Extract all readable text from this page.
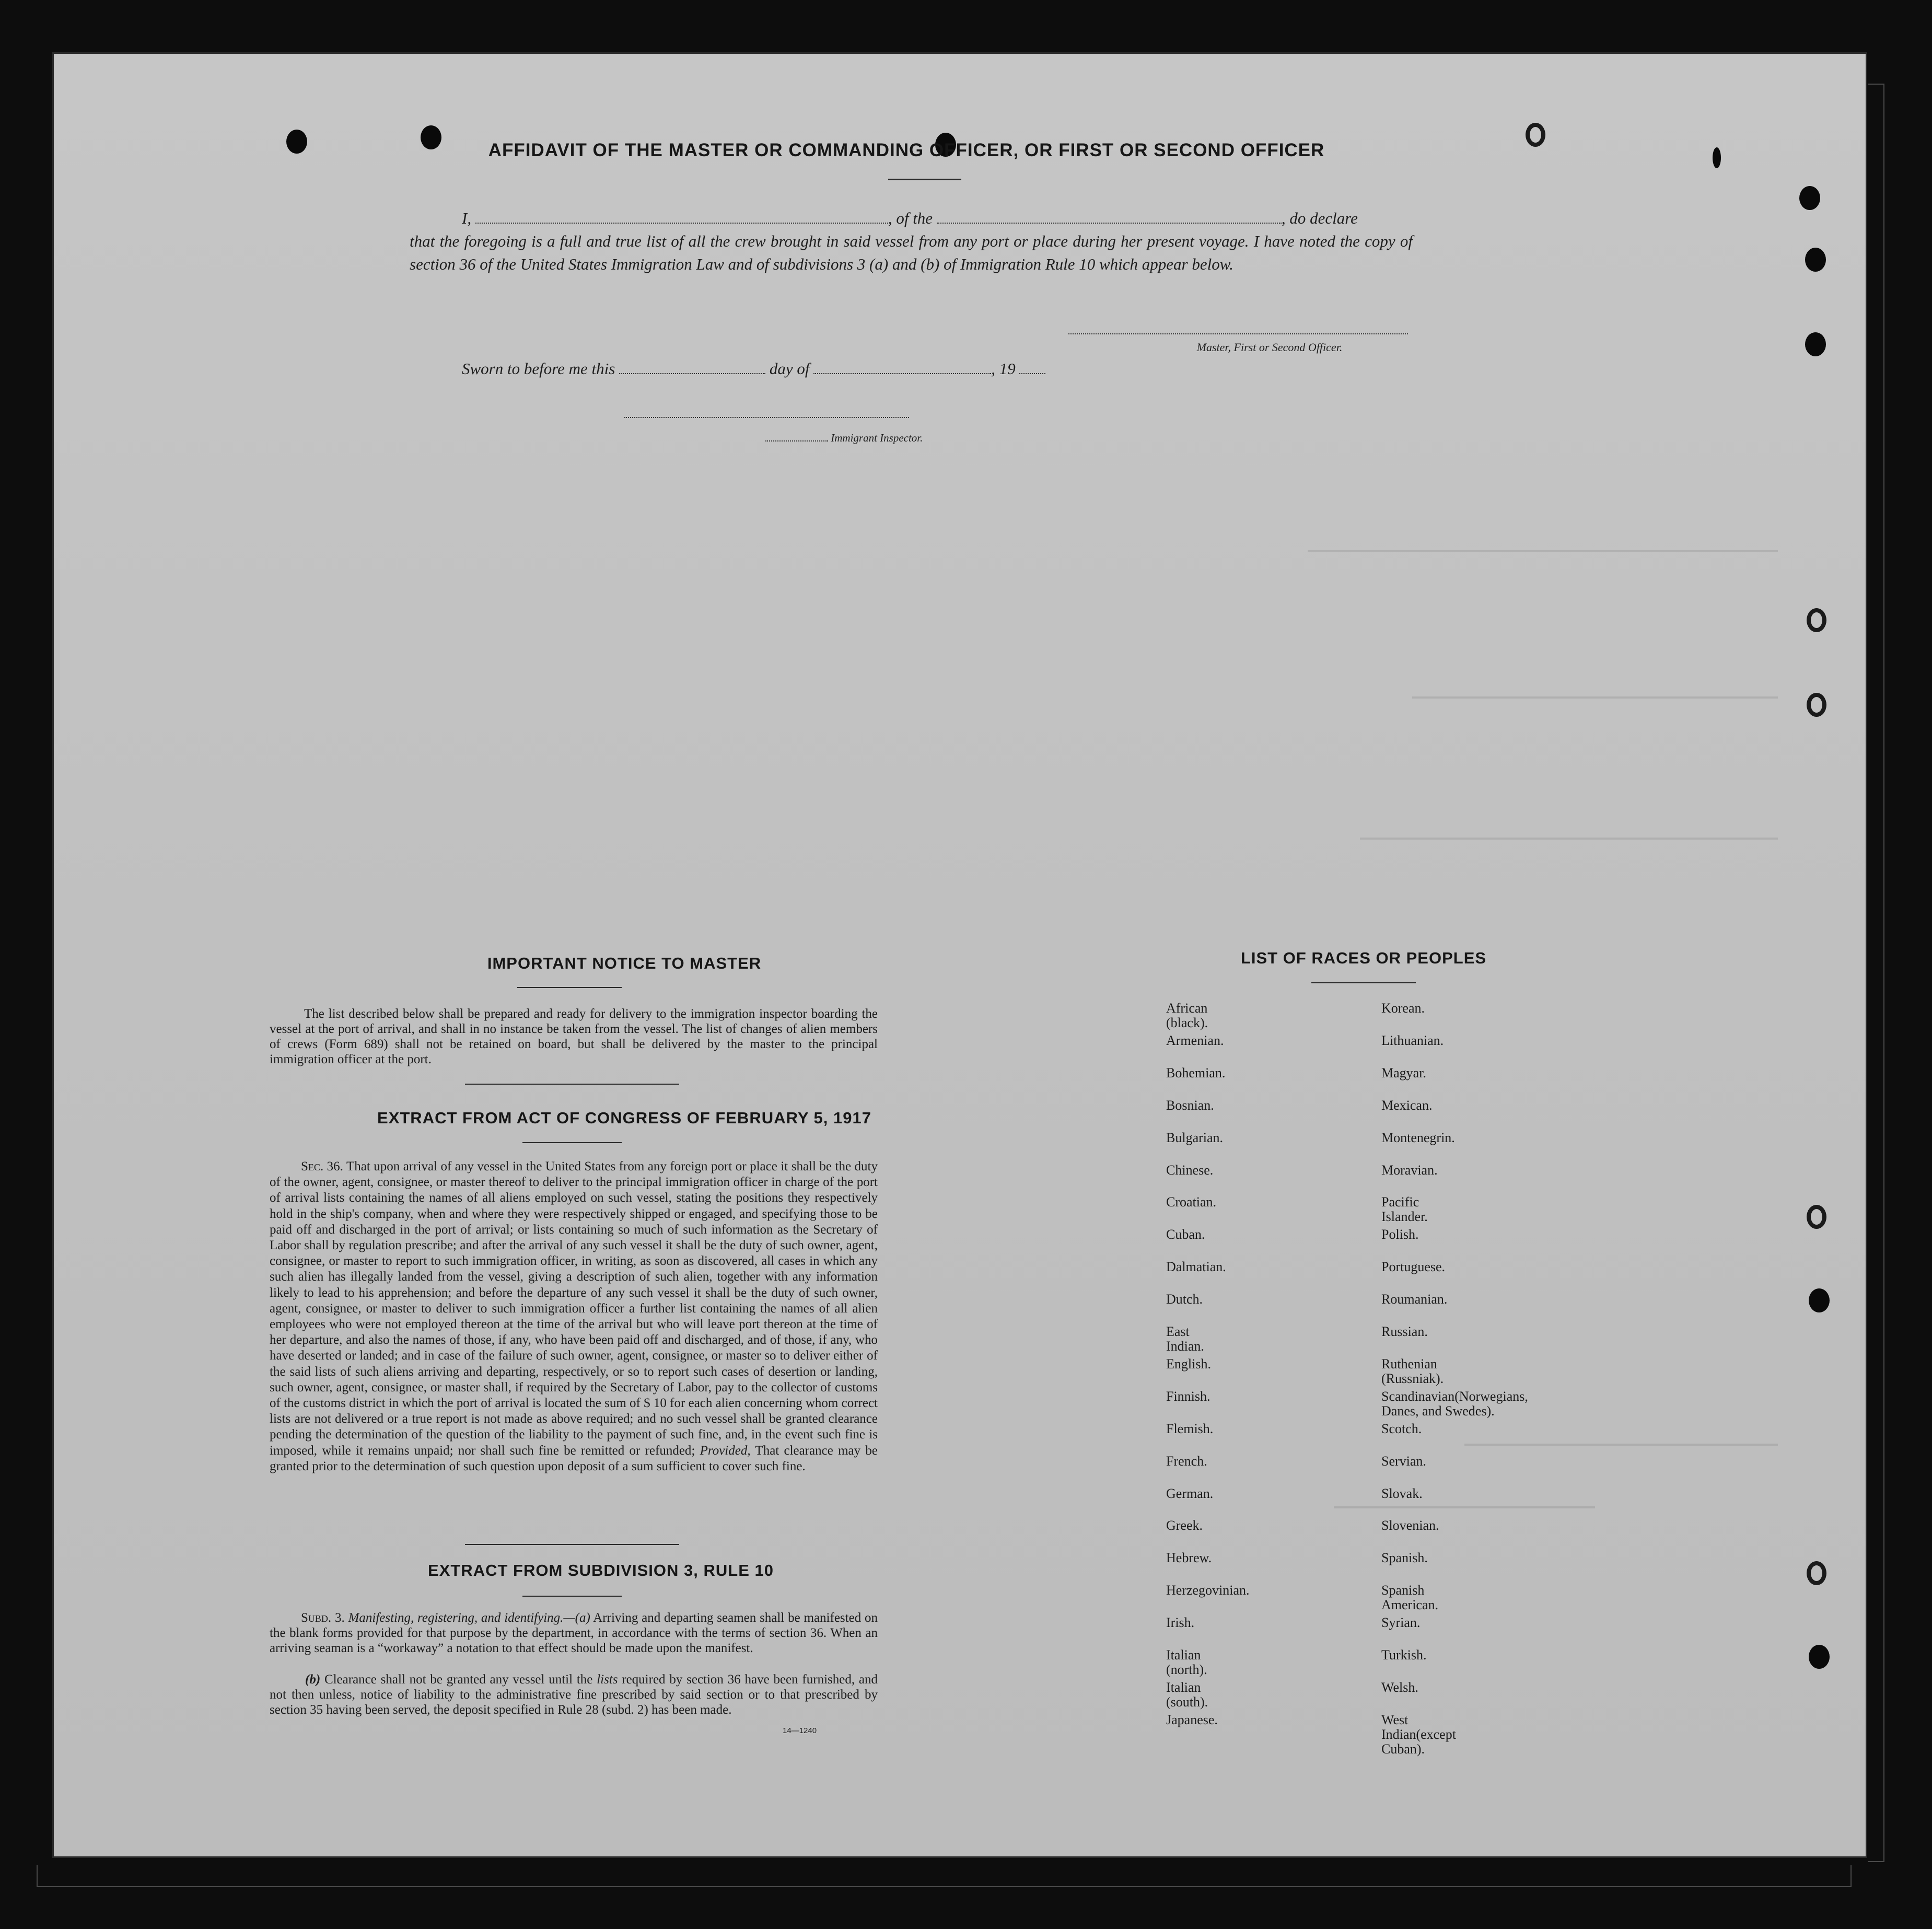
AFFIDAVIT OF THE MASTER OR COMMANDING OFFICER, OR FIRST OR SECOND OFFICER
I,	, of the	, do declare
that the foregoing is a full and true list of all the crew brought in said vessel from any port or place during her present voyage. I have noted the copy of section 36 of the United States Immigration Law and of subdivisions 3 (a) and (b) of Immigration Rule 10 which appear below.
Master, First or Second Officer.
Sworn to before me this	day of	, 19
Immigrant Inspector.
IMPORTANT NOTICE TO MASTER
The list described below shall be prepared and ready for delivery to the immigration inspector boarding the vessel at the port of arrival, and shall in no instance be taken from the vessel. The list of changes of alien members of crews (Form 689) shall not be retained on board, but shall be delivered by the master to the principal immigration officer at the port.
EXTRACT FROM ACT OF CONGRESS OF FEBRUARY 5, 1917
Sec. 36. That upon arrival of any vessel in the United States from any foreign port or place it shall be the duty of the owner, agent, consignee, or master thereof to deliver to the principal immigration officer in charge of the port of arrival lists containing the names of all aliens employed on such vessel, stating the positions they respectively hold in the ship's company, when and where they were respectively shipped or engaged, and specifying those to be paid off and discharged in the port of arrival; or lists containing so much of such information as the Secretary of Labor shall by regulation prescribe; and after the arrival of any such vessel it shall be the duty of such owner, agent, consignee, or master to report to such immigration officer, in writing, as soon as discovered, all cases in which any such alien has illegally landed from the vessel, giving a description of such alien, together with any information likely to lead to his apprehension; and before the departure of any such vessel it shall be the duty of such owner, agent, consignee, or master to deliver to such immigration officer a further list containing the names of all alien employees who were not employed thereon at the time of the arrival but who will leave port thereon at the time of her departure, and also the names of those, if any, who have been paid off and discharged, and of those, if any, who have deserted or landed; and in case of the failure of such owner, agent, consignee, or master so to deliver either of the said lists of such aliens arriving and departing, respectively, or so to report such cases of desertion or landing, such owner, agent, consignee, or master shall, if required by the Secretary of Labor, pay to the collector of customs of the customs district in which the port of arrival is located the sum of $ 10 for each alien concerning whom correct lists are not delivered or a true report is not made as above required; and no such vessel shall be granted clearance pending the determination of the question of the liability to the payment of such fine, and, in the event such fine is imposed, while it remains unpaid; nor shall such fine be remitted or refunded; Provided, That clearance may be granted prior to the determination of such question upon deposit of a sum sufficient to cover such fine.
EXTRACT FROM SUBDIVISION 3, RULE 10
Subd. 3. Manifesting, registering, and identifying.—(a) Arriving and departing seamen shall be manifested on the blank forms provided for that purpose by the department, in accordance with the terms of section 36. When an arriving seaman is a “workaway” a notation to that effect should be made upon the manifest.
(b) Clearance shall not be granted any vessel until the lists required by section 36 have been furnished, and not then unless, notice of liability to the administrative fine prescribed by said section or to that prescribed by section 35 having been served, the deposit specified in Rule 28 (subd. 2) has been made.
14—1240
LIST OF RACES OR PEOPLES
African (black).
Armenian.
Bohemian.
Bosnian.
Bulgarian.
Chinese.
Croatian.
Cuban.
Dalmatian.
Dutch.
East Indian.
English.
Finnish.
Flemish.
French.
German.
Greek.
Hebrew.
Herzegovinian.
Irish.
Italian (north).
Italian (south).
Japanese.
Korean.
Lithuanian.
Magyar.
Mexican.
Montenegrin.
Moravian.
Pacific Islander.
Polish.
Portuguese.
Roumanian.
Russian.
Ruthenian (Russniak).
Scandinavian(Norwegians,
Danes, and Swedes).
Scotch.
Servian.
Slovak.
Slovenian.
Spanish.
Spanish American.
Syrian.
Turkish.
Welsh.
West Indian(except Cuban).
